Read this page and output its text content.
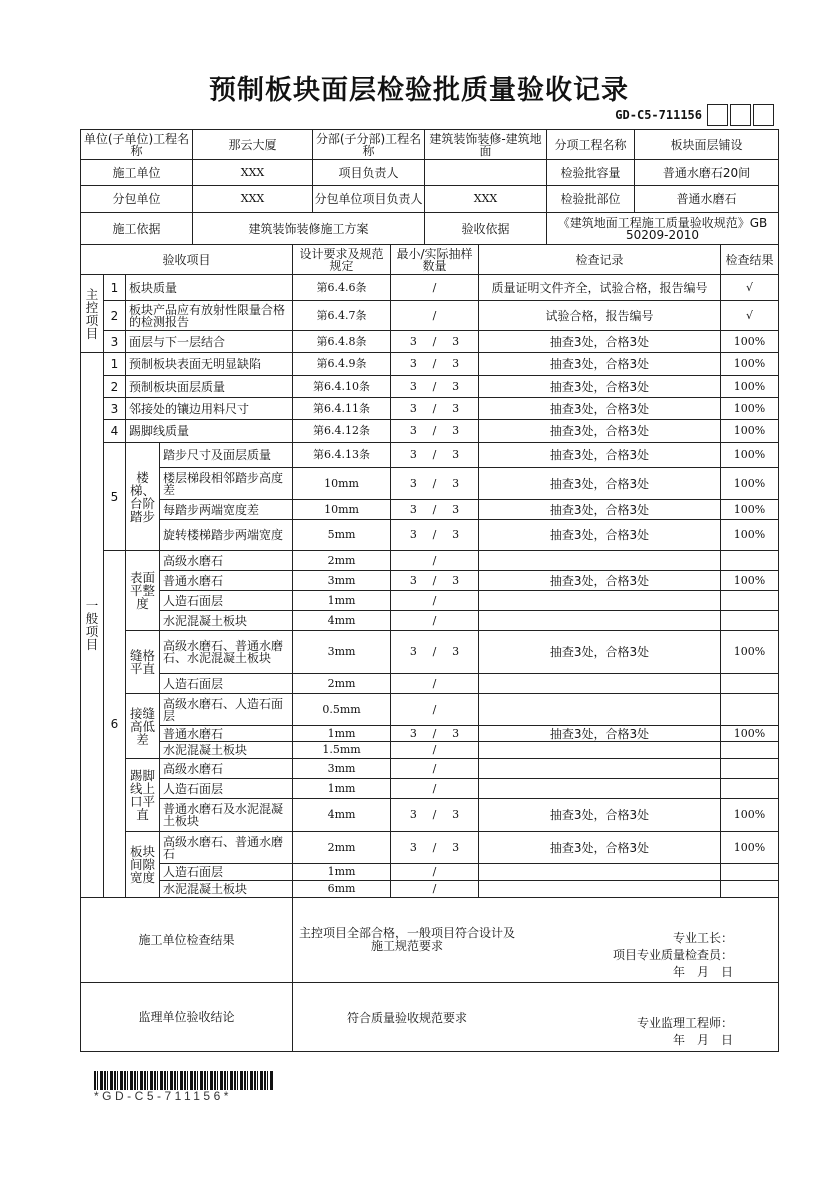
预制板块面层检验批质量验收记录
GD-C5-711156
单位(子单位)工程名称	那云大厦	分部(子分部)工程名称	建筑装饰装修-建筑地面	分项工程名称	板块面层铺设
施工单位	XXX	项目负责人		检验批容量	普通水磨石20间
分包单位	XXX	分包单位项目负责人	XXX	检验批部位	普通水磨石
施工依据	建筑装饰装修施工方案		验收依据	《建筑地面工程施工质量验收规范》GB 50209-2010	
验收项目				设计要求及规范规定	最小/实际抽样数量	检查记录	检查结果
主控项目	1	板块质量		第6.4.6条	/	质量证明文件齐全，试验合格，报告编号	√
	2	板块产品应有放射性限量合格的检测报告		第6.4.7条	/	试验合格，报告编号	√
	3	面层与下一层结合		第6.4.8条	3 / 3	抽查3处，合格3处	100%
一般项目	1	预制板块表面无明显缺陷		第6.4.9条	3 / 3	抽查3处，合格3处	100%
	2	预制板块面层质量		第6.4.10条	3 / 3	抽查3处，合格3处	100%
	3	邻接处的镶边用料尺寸		第6.4.11条	3 / 3	抽查3处，合格3处	100%
	4	踢脚线质量		第6.4.12条	3 / 3	抽查3处，合格3处	100%
	5	楼梯、台阶踏步	踏步尺寸及面层质量	第6.4.13条	3 / 3	抽查3处，合格3处	100%
			楼层梯段相邻踏步高度差	10mm	3 / 3	抽查3处，合格3处	100%
			每踏步两端宽度差	10mm	3 / 3	抽查3处，合格3处	100%
			旋转楼梯踏步两端宽度	5mm	3 / 3	抽查3处，合格3处	100%
	6	表面平整度	高级水磨石	2mm	/		

			普通水磨石	3mm	3 / 3	抽查3处，合格3处	100%
			人造石面层	1mm	/		

			水泥混凝土板块	4mm	/		

		缝格平直	高级水磨石、普通水磨石、水泥混凝土板块	3mm	3 / 3	抽查3处，合格3处	100%
			人造石面层	2mm	/		

		接缝高低差	高级水磨石、人造石面层	0.5mm	/		

			普通水磨石	1mm	3 / 3	抽查3处，合格3处	100%
			水泥混凝土板块	1.5mm	/		

		踢脚线上口平直	高级水磨石	3mm	/		

			人造石面层	1mm	/		

			普通水磨石及水泥混凝土板块	4mm	3 / 3	抽查3处，合格3处	100%
		板块间隙宽度	高级水磨石、普通水磨石	2mm	3 / 3	抽查3处，合格3处	100%
			人造石面层	1mm	/		

			水泥混凝土板块	6mm	/		

施工单位检查结果				主控项目全部合格，一般项目符合设计及施工规范要求
专业工长：
项目专业质量检查员：
年　月　日			

监理单位验收结论				符合质量验收规范要求 专业监理工程师：
年　月　日			
*GD-C5-711156*
